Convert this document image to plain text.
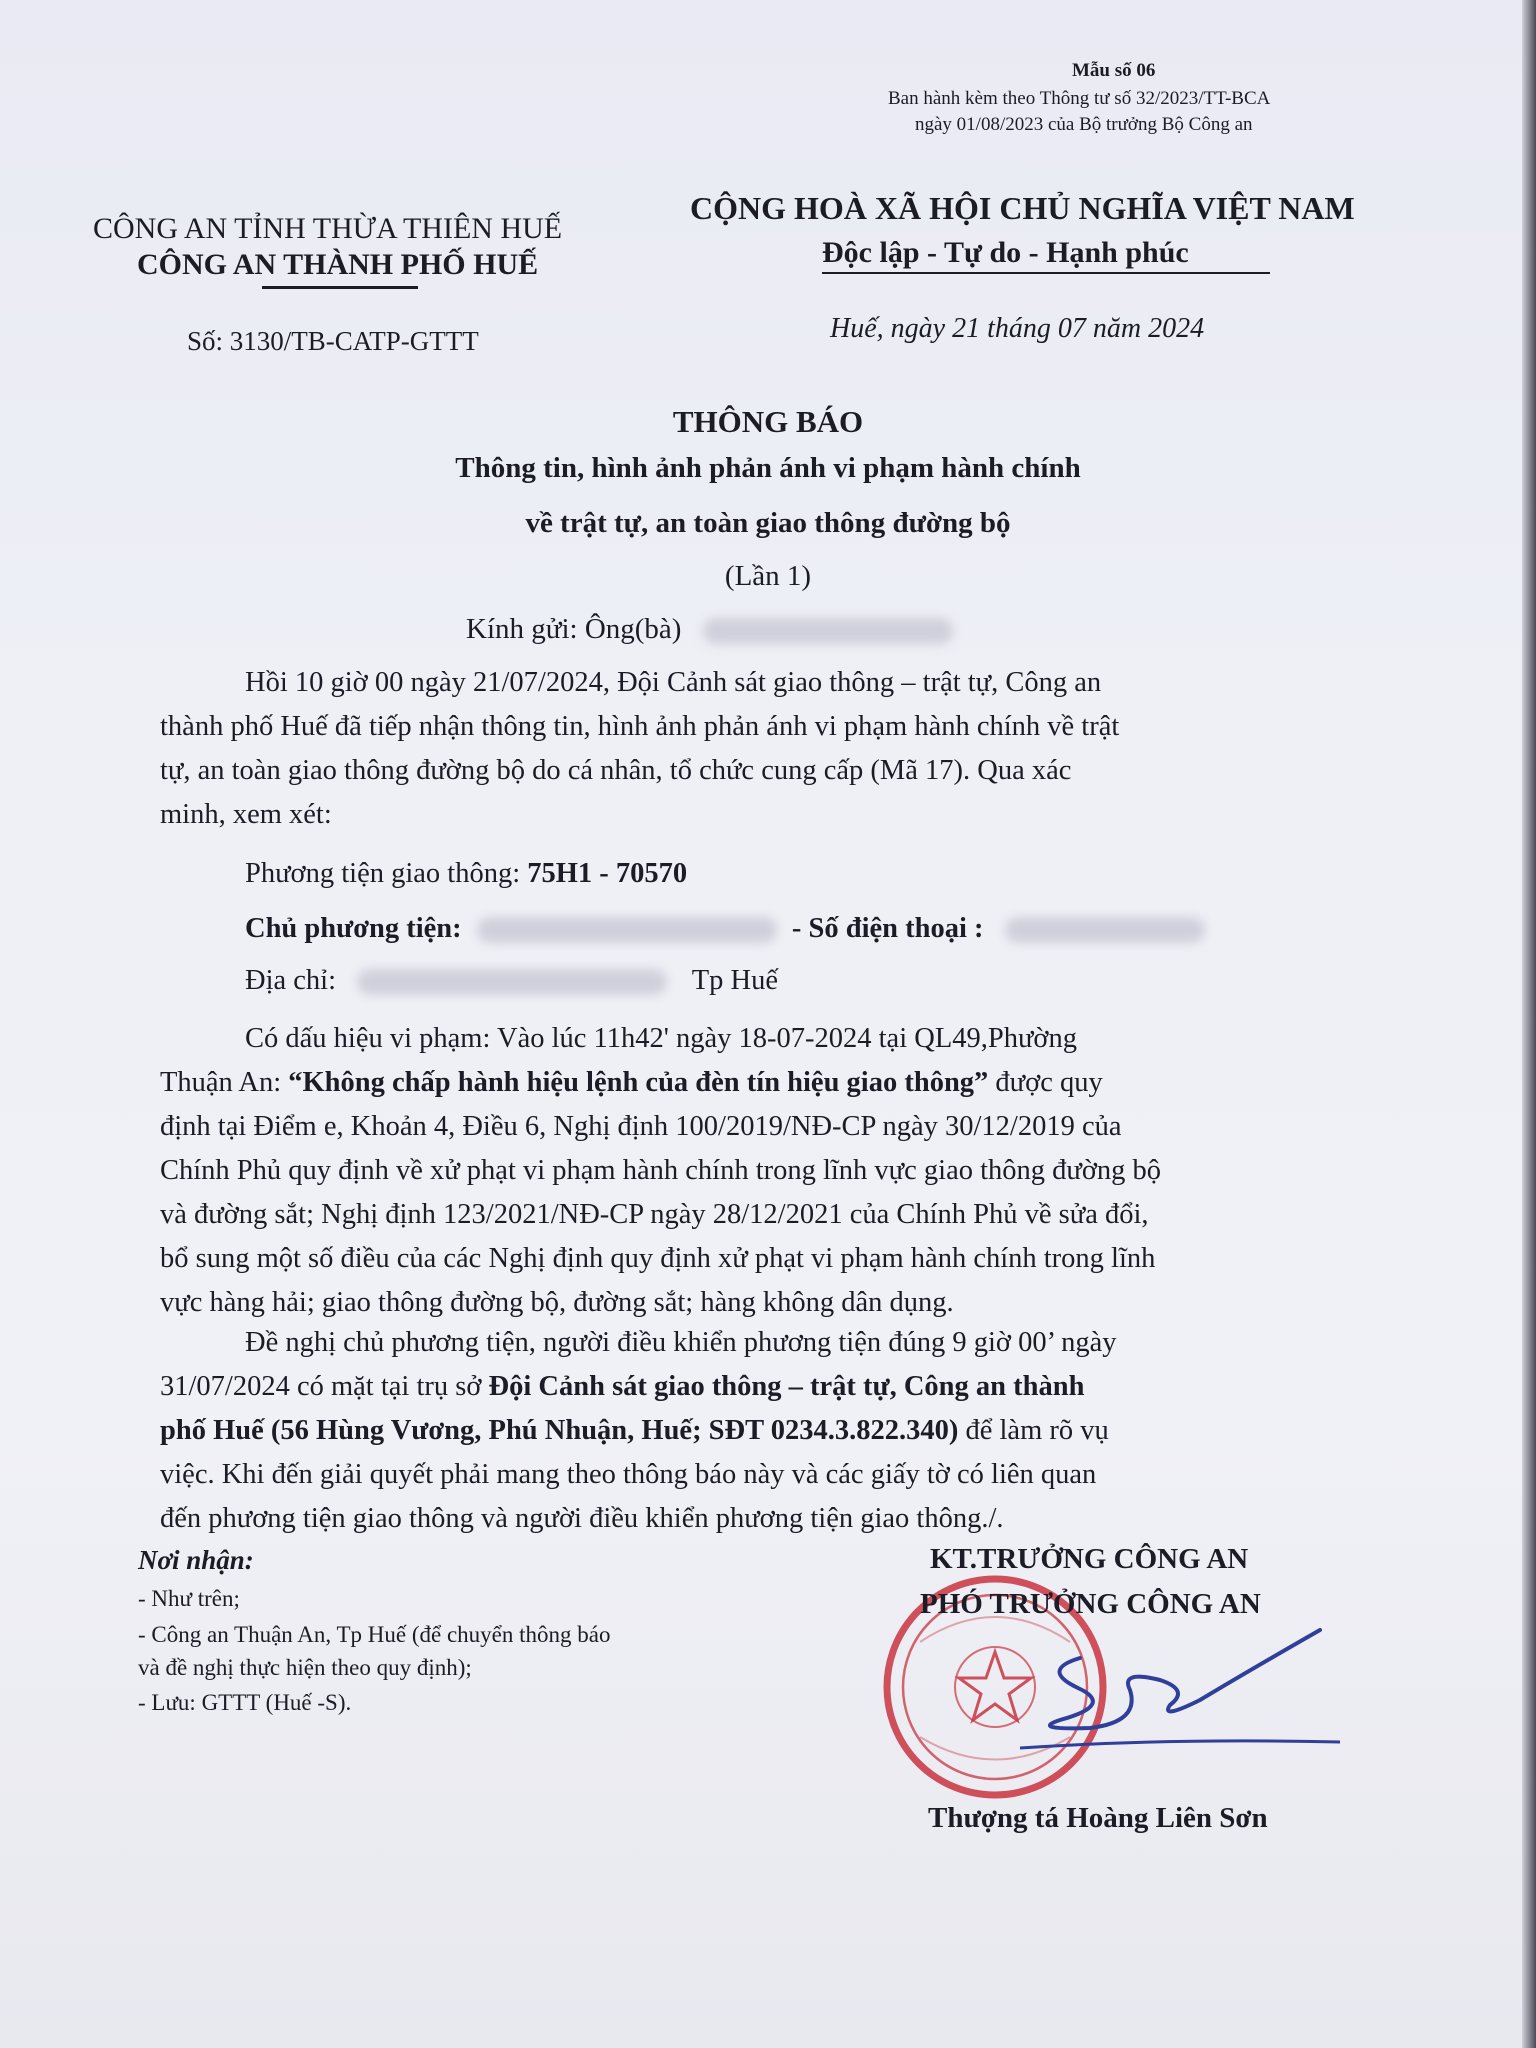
Mẫu số 06
Ban hành kèm theo Thông tư số 32/2023/TT-BCA
ngày 01/08/2023 của Bộ trưởng Bộ Công an
CÔNG AN TỈNH THỪA THIÊN HUẾ
CÔNG AN THÀNH PHỐ HUẾ
CỘNG HOÀ XÃ HỘI CHỦ NGHĨA VIỆT NAM
Độc lập - Tự do - Hạnh phúc
Số: 3130/TB-CATP-GTTT	Huế, ngày 21 tháng 07 năm 2024
THÔNG BÁO
Thông tin, hình ảnh phản ánh vi phạm hành chính
về trật tự, an toàn giao thông đường bộ
(Lần 1)
Kính gửi: Ông(bà)
Hồi 10 giờ 00 ngày 21/07/2024, Đội Cảnh sát giao thông – trật tự, Công an
thành phố Huế đã tiếp nhận thông tin, hình ảnh phản ánh vi phạm hành chính về trật
tự, an toàn giao thông đường bộ do cá nhân, tổ chức cung cấp (Mã 17). Qua xác
minh, xem xét:
Phương tiện giao thông: 75H1 - 70570
Chủ phương tiện:	- Số điện thoại :
Địa chỉ:	Tp Huế
Có dấu hiệu vi phạm: Vào lúc 11h42' ngày 18-07-2024 tại QL49,Phường
Thuận An: “Không chấp hành hiệu lệnh của đèn tín hiệu giao thông” được quy
định tại Điểm e, Khoản 4, Điều 6, Nghị định 100/2019/NĐ-CP ngày 30/12/2019 của
Chính Phủ quy định về xử phạt vi phạm hành chính trong lĩnh vực giao thông đường bộ
và đường sắt; Nghị định 123/2021/NĐ-CP ngày 28/12/2021 của Chính Phủ về sửa đổi,
bổ sung một số điều của các Nghị định quy định xử phạt vi phạm hành chính trong lĩnh
vực hàng hải; giao thông đường bộ, đường sắt; hàng không dân dụng.
Đề nghị chủ phương tiện, người điều khiển phương tiện đúng 9 giờ 00’ ngày
31/07/2024 có mặt tại trụ sở Đội Cảnh sát giao thông – trật tự, Công an thành
phố Huế (56 Hùng Vương, Phú Nhuận, Huế; SĐT 0234.3.822.340) để làm rõ vụ
việc. Khi đến giải quyết phải mang theo thông báo này và các giấy tờ có liên quan
đến phương tiện giao thông và người điều khiển phương tiện giao thông./.
Nơi nhận:
- Như trên;
- Công an Thuận An, Tp Huế (để chuyển thông báo
và đề nghị thực hiện theo quy định);
- Lưu: GTTT (Huế -S).
KT.TRƯỞNG CÔNG AN
PHÓ TRƯỞNG CÔNG AN
Thượng tá Hoàng Liên Sơn
